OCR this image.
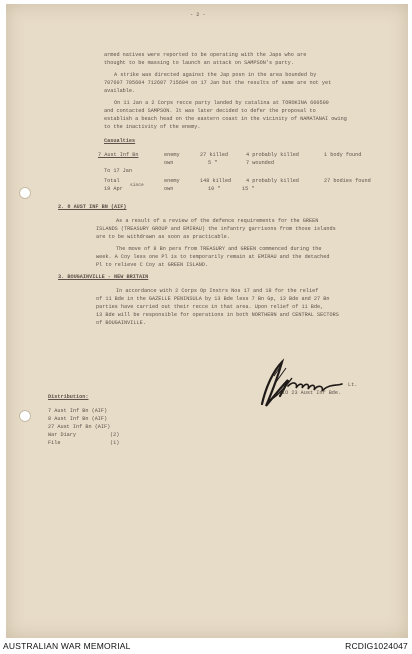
- 2 -
armed natives were reported to be operating with the Japs who are
thought to be massing to launch an attack on SAMPSON's party.
A strike was directed against the Jap posn in the area bounded by
707607 705604 712607 715604 on 17 Jan but the results of same are not yet
available.
On 11 Jan a 2 Corps recce party landed by catalina at TOROKINA 660500
and contacted SAMPSON. It was later decided to defer the proposal to
establish a beach head on the eastern coast in the vicinity of NAMATANAI owing
to the inactivity of the enemy.
Casualties
7 Aust Inf Bn	enemy	27 killed	4 probably killed	1 body found
own	5 "	7 wounded
To 17 Jan
Total	enemy	148 killed	4 probably killed	27 bodies found
19 Apr
since
own	10 "	15 "
2. 8 AUST INF BN (AIF)
As a result of a review of the defence requirements for the GREEN
ISLANDS (TREASURY GROUP and EMIRAU) the infantry garrisons from those islands
are to be withdrawn as soon as practicable.
The move of 8 Bn pers from TREASURY and GREEN commenced during the
week. A Coy less one Pl is to temporarily remain at EMIRAU and the detached
Pl to relieve C Coy at GREEN ISLAND.
3. BOUGAINVILLE - NEW BRITAIN
In accordance with 2 Corps Op Instrs Nos 17 and 18 for the relief
of 11 Bde in the GAZELLE PENINSULA by 13 Bde less 7 Bn Gp, 13 Bde and 27 Bn
parties have carried out their recce in that area. Upon relief of 11 Bde,
13 Bde will be responsible for operations in both NORTHERN and CENTRAL SECTORS
of BOUGAINVILLE.
Lt.
IO 23 Aust Inf Bde.
Distribution:
7 Aust Inf Bn (AIF)
8 Aust Inf Bn (AIF)
27 Aust Inf Bn (AIF)
War Diary	(2)
File	(1)
AUSTRALIAN WAR MEMORIAL	RCDIG1024047
